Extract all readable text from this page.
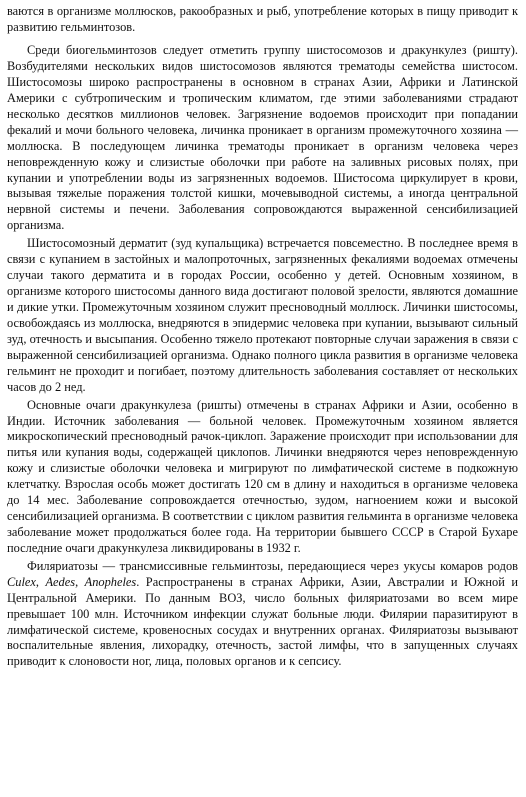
ваются в организме моллюсков, ракообразных и рыб, употребление которых в пищу приводит к развитию гельминтозов.

Среди биогельминтозов следует отметить группу шистосомозов и дракункулез (ришту). Возбудителями нескольких видов шистосомозов являются трематоды семейства шистосом. Шистосомозы широко распространены в основном в странах Азии, Африки и Латинской Америки с субтропическим и тропическим климатом, где этими заболеваниями страдают несколько десятков миллионов человек. Загрязнение водоемов происходит при попадании фекалий и мочи больного человека, личинка проникает в организм промежуточного хозяина — моллюска. В последующем личинка трематоды проникает в организм человека через неповрежденную кожу и слизистые оболочки при работе на заливных рисовых полях, при купании и употреблении воды из загрязненных водоемов. Шистосома циркулирует в крови, вызывая тяжелые поражения толстой кишки, мочевыводной системы, а иногда центральной нервной системы и печени. Заболевания сопровождаются выраженной сенсибилизацией организма.

Шистосомозный дерматит (зуд купальщика) встречается повсеместно. В последнее время в связи с купанием в застойных и малопроточных, загрязненных фекалиями водоемах отмечены случаи такого дерматита и в городах России, особенно у детей. Основным хозяином, в организме которого шистосомы данного вида достигают половой зрелости, являются домашние и дикие утки. Промежуточным хозяином служит пресноводный моллюск. Личинки шистосомы, освобождаясь из моллюска, внедряются в эпидермис человека при купании, вызывают сильный зуд, отечность и высыпания. Особенно тяжело протекают повторные случаи заражения в связи с выраженной сенсибилизацией организма. Однако полного цикла развития в организме человека гельминт не проходит и погибает, поэтому длительность заболевания составляет от нескольких часов до 2 нед.

Основные очаги дракункулеза (ришты) отмечены в странах Африки и Азии, особенно в Индии. Источник заболевания — больной человек. Промежуточным хозяином является микроскопический пресноводный рачок-циклоп. Заражение происходит при использовании для питья или купания воды, содержащей циклопов. Личинки внедряются через неповрежденную кожу и слизистые оболочки человека и мигрируют по лимфатической системе в подкожную клетчатку. Взрослая особь может достигать 120 см в длину и находиться в организме человека до 14 мес. Заболевание сопровождается отечностью, зудом, нагноением кожи и высокой сенсибилизацией организма. В соответствии с циклом развития гельминта в организме человека заболевание может продолжаться более года. На территории бывшего СССР в Старой Бухаре последние очаги дракункулеза ликвидированы в 1932 г.

Филяриатозы — трансмиссивные гельминтозы, передающиеся через укусы комаров родов Culex, Aedes, Anopheles. Распространены в странах Африки, Азии, Австралии и Южной и Центральной Америки. По данным ВОЗ, число больных филяриатозами во всем мире превышает 100 млн. Источником инфекции служат больные люди. Филярии паразитируют в лимфатической системе, кровеносных сосудах и внутренних органах. Филяриатозы вызывают воспалительные явления, лихорадку, отечность, застой лимфы, что в запущенных случаях приводит к слоновости ног, лица, половых органов и к сепсису.
